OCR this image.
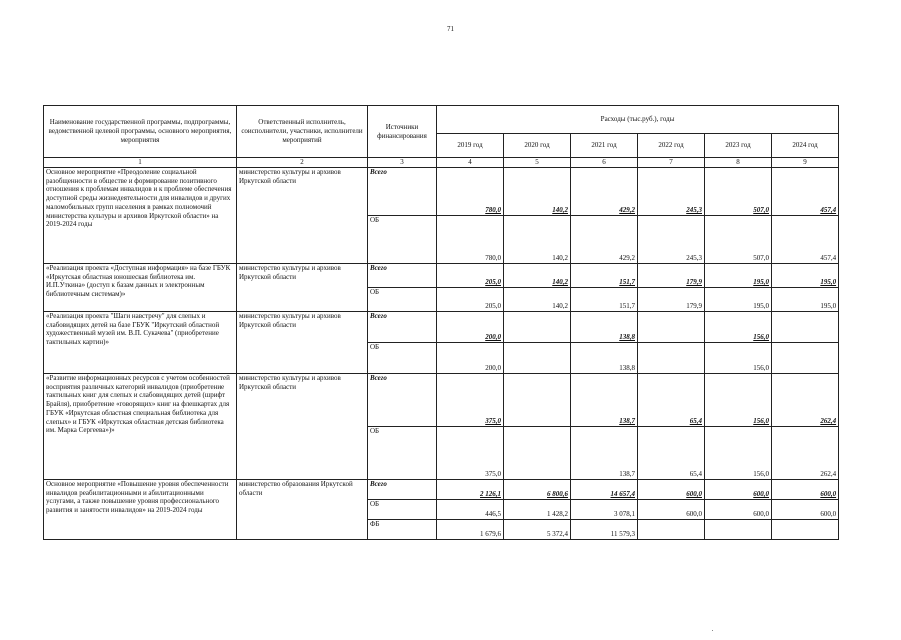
71
Наименование государственной программы, подпрограммы, ведомственной целевой программы, основного мероприятия, мероприятия	Ответственный исполнитель, соисполнители, участники, исполнители мероприятий	Источники финансирования	Расходы (тыс.руб.), годы					
			2019 год	2020 год	2021 год	2022 год	2023 год	2024 год
1	2	3	4	5	6	7	8	9
Основное мероприятие «Преодоление социальной разобщенности в обществе и формирование позитивного отношения к проблемам инвалидов и к проблеме обеспечения доступной среды жизнедеятельности для инвалидов и других маломобильных групп населения в рамках полномочий министерства культуры и архивов Иркутской области» на 2019-2024 годы	министерство культуры и архивов Иркутской области	Всего	780,0	140,2	429,2	245,3	507,0	457,4
		ОБ	780,0	140,2	429,2	245,3	507,0	457,4
«Реализация проекта «Доступная информация» на базе ГБУК «Иркутская областная юношеская библиотека им. И.П.Уткина» (доступ к базам данных и электронным библиотечным системам)»	министерство культуры и архивов Иркутской области	Всего	205,0	140,2	151,7	179,9	195,0	195,0
		ОБ	205,0	140,2	151,7	179,9	195,0	195,0
«Реализация проекта "Шаги навстречу" для слепых и слабовидящих детей на базе ГБУК "Иркутский областной художественный музей им. В.П. Сукачева" (приобретение тактильных картин)»	министерство культуры и архивов Иркутской области	Всего	200,0		138,8		156,0	
		ОБ	200,0		138,8		156,0	
«Развитие информационных ресурсов с учетом особенностей восприятия различных категорий инвалидов (приобретение тактильных книг для слепых и слабовидящих детей (шрифт Брайля), приобретение «говорящих» книг на флешкартах для ГБУК «Иркутская областная специальная библиотека для слепых» и ГБУК «Иркутская областная детская библиотека им. Марка Сергеева»)»	министерство культуры и архивов Иркутской области	Всего	375,0		138,7	65,4	156,0	262,4
		ОБ	375,0		138,7	65,4	156,0	262,4
Основное мероприятие «Повышение уровня обеспеченности инвалидов реабилитационными и абилитационными услугами, а также повышение уровня профессионального развития и занятости инвалидов» на 2019-2024 годы	министерство образования Иркутской области	Всего	2 126,1	6 800,6	14 657,4	600,0	600,0	600,0
		ОБ	446,5	1 428,2	3 078,1	600,0	600,0	600,0
		ФБ	1 679,6	5 372,4	11 579,3			
